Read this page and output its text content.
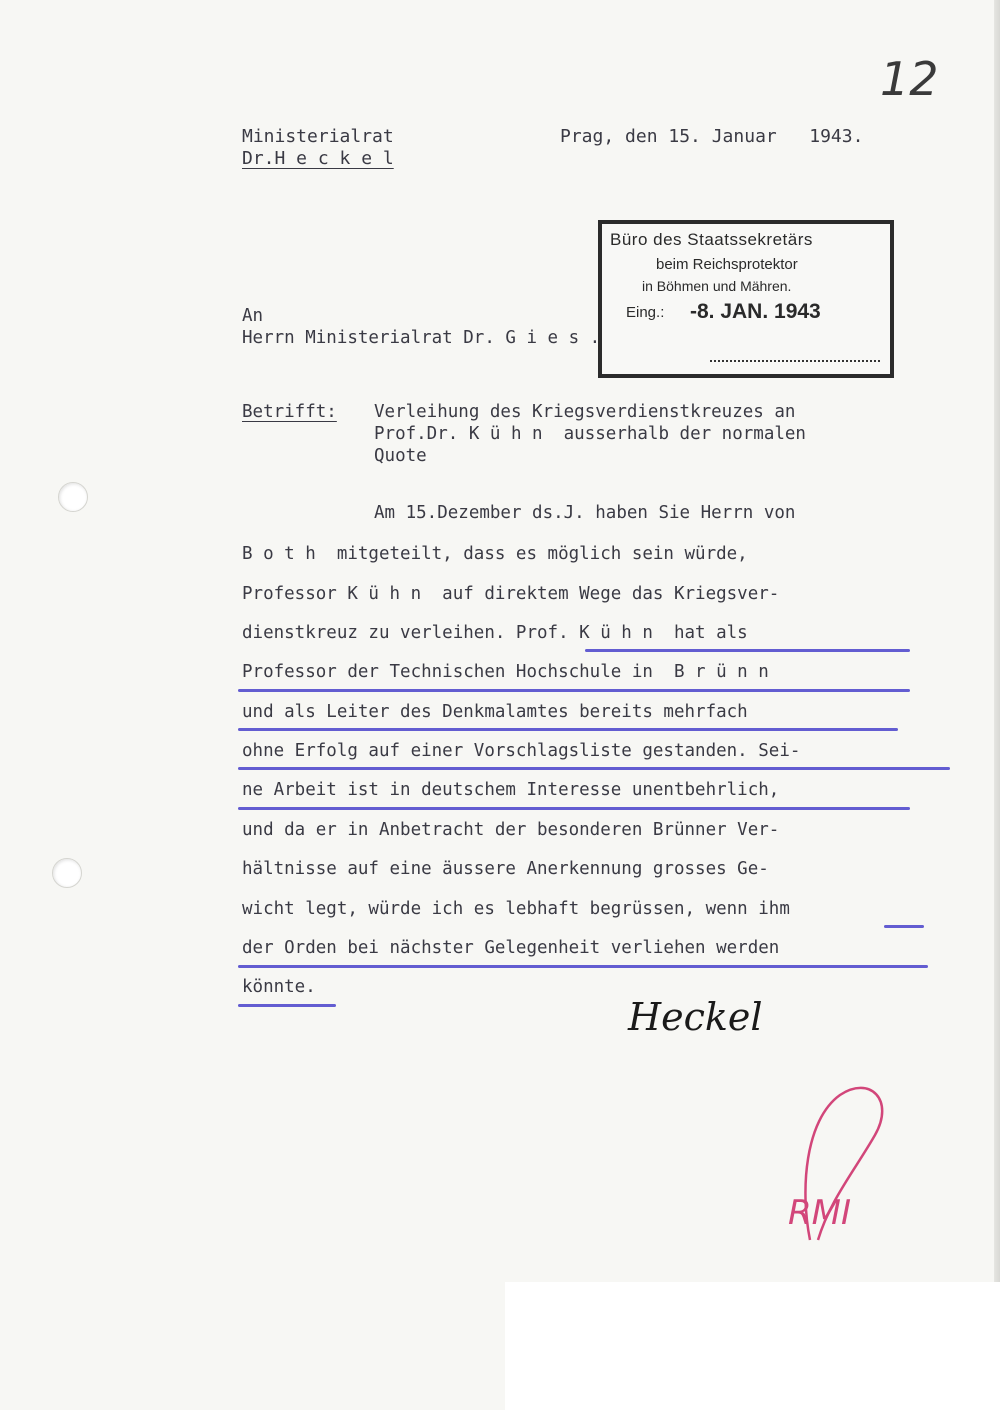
12
Ministerialrat
Dr.H e c k e l
Prag, den 15. Januar   1943.
Büro des Staatssekretärs
beim Reichsprotektor
in Böhmen und Mähren.
Eing.: -8. JAN. 1943
An
Herrn Ministerialrat Dr. G i e s .
Betrifft: Verleihung des Kriegsverdienstkreuzes an
Prof.Dr. K ü h n  ausserhalb der normalen
Quote
Am 15.Dezember ds.J. haben Sie Herrn von
B o t h  mitgeteilt, dass es möglich sein würde,
Professor K ü h n  auf direktem Wege das Kriegsver-
dienstkreuz zu verleihen. Prof. K ü h n  hat als
Professor der Technischen Hochschule in  B r ü n n
und als Leiter des Denkmalamtes bereits mehrfach
ohne Erfolg auf einer Vorschlagsliste gestanden. Sei-
ne Arbeit ist in deutschem Interesse unentbehrlich,
und da er in Anbetracht der besonderen Brünner Ver-
hältnisse auf eine äussere Anerkennung grosses Ge-
wicht legt, würde ich es lebhaft begrüssen, wenn ihm
der Orden bei nächster Gelegenheit verliehen werden
könnte.
Heckel
RMI
